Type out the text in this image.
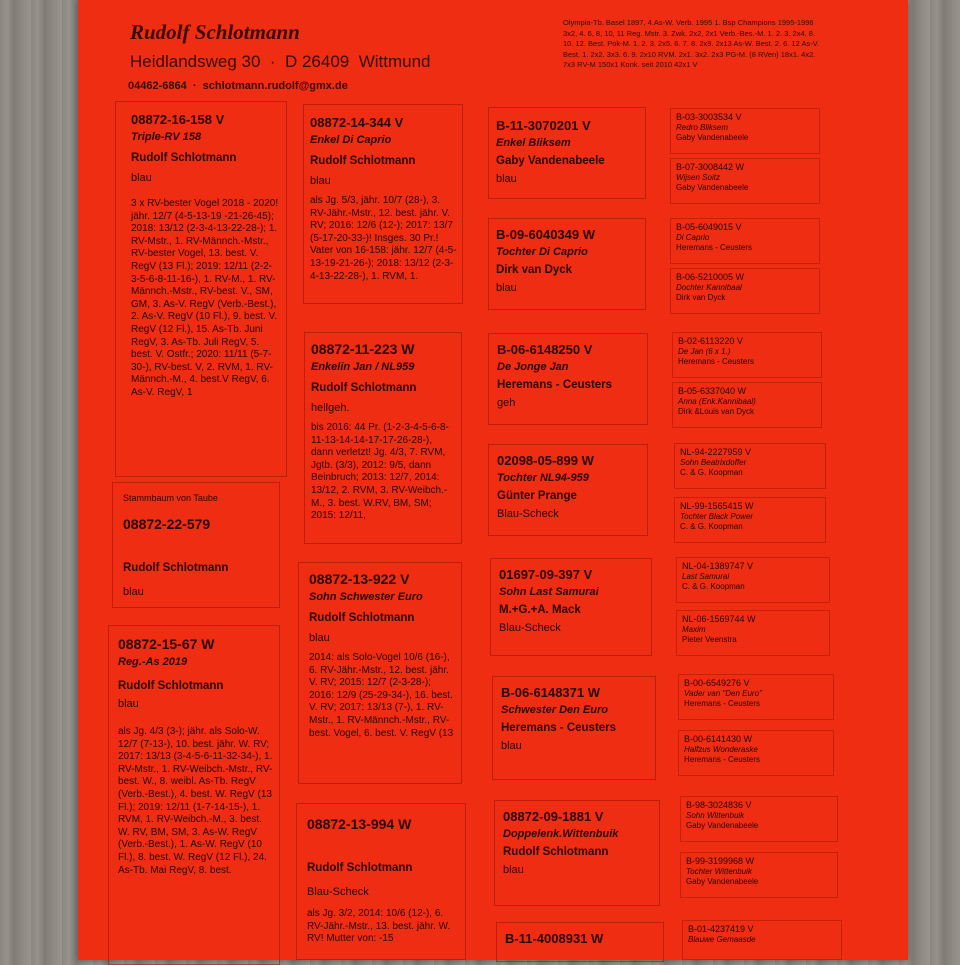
Rudolf Schlotmann
Heidlandsweg 30  ·  D 26409  Wittmund
04462-6864  ·  schlotmann.rudolf@gmx.de
Olympia-Tb. Basel 1897, 4.As-W. Verb. 1995 1. Bsp Champions 1995-1996 3x2, 4. 6, 8, 10, 11 Reg. Mstr. 3. Zwk. 2x2, 2x1 Verb.-Bes.-M. 1. 2. 3. 2x4. 8. 10. 12. Best. Pok-M. 1. 2. 3. 2x5. 6. 7. 8. 2x9. 2x13 As-W. Best. 2. 6. 12 As-V. Best. 1. 2x2. 3x3. 6. 9. 2x10 RVM. 2x1. 3x2. 2x3 PG-M. (8 RVen) 18x1. 4x2. 7x3 RV-M 150x1 Konk. seit 2010 42x1 V
08872-16-158 V
Triple-RV 158
Rudolf Schlotmann
blau
3 x RV-bester Vogel 2018 - 2020! jähr. 12/7 (4-5-13-19 -21-26-45); 2018: 13/12 (2-3-4-13-22-28-); 1. RV-Mstr., 1. RV-Männch.-Mstr., RV-bester Vogel, 13. best. V. RegV (13 Fl.); 2019: 12/11 (2-2-3-5-6-8-11-16-), 1. RV-M., 1. RV-Männch.-Mstr., RV-best. V., SM, GM, 3. As-V. RegV (Verb.-Best.), 2. As-V. RegV (10 Fl.), 9. best. V. RegV (12 Fl.), 15. As-Tb. Juni RegV, 3. As-Tb. Juli RegV, 5. best. V. Ostfr.; 2020: 11/11 (5-7-30-), RV-best. V, 2. RVM, 1. RV-Männch.-M., 4. best.V RegV, 6. As-V. RegV, 1
Stammbaum von Taube
08872-22-579
Rudolf Schlotmann
blau
08872-15-67 W
Reg.-As 2019
Rudolf Schlotmann
blau
als Jg. 4/3 (3-); jähr. als Solo-W. 12/7 (7-13-), 10. best. jähr. W. RV; 2017: 13/13 (3-4-5-6-11-32-34-), 1. RV-Mstr., 1. RV-Weibch.-Mstr., RV-best. W., 8. weibl. As-Tb. RegV (Verb.-Best.), 4. best. W. RegV (13 Fl.); 2019: 12/11 (1-7-14-15-), 1. RVM, 1. RV-Weibch.-M., 3. best. W. RV, BM, SM, 3. As-W. RegV (Verb.-Best.), 1. As-W. RegV (10 Fl.), 8. best. W. RegV (12 Fl.), 24. As-Tb. Mai RegV, 8. best.
08872-14-344 V
Enkel Di Caprio
Rudolf Schlotmann
blau
als Jg. 5/3, jähr. 10/7 (28-), 3. RV-Jähr.-Mstr., 12. best. jähr. V. RV; 2016: 12/6 (12-); 2017: 13/7 (5-17-20-33-)! Insges. 30 Pr.! Vater von 16-158: jähr. 12/7 (4-5-13-19-21-26-); 2018: 13/12 (2-3-4-13-22-28-), 1. RVM, 1.
08872-11-223 W
Enkelin Jan / NL959
Rudolf Schlotmann
hellgeh.
bis 2016: 44 Pr. (1-2-3-4-5-6-8-11-13-14-14-17-17-26-28-), dann verletzt! Jg. 4/3, 7. RVM, Jgtb. (3/3), 2012: 9/5, dann Beinbruch; 2013: 12/7, 2014: 13/12, 2. RVM, 3. RV-Weibch.-M., 3. best. W.RV, BM, SM; 2015: 12/11,
08872-13-922 V
Sohn Schwester Euro
Rudolf Schlotmann
blau
2014: als Solo-Vogel 10/6 (16-), 6. RV-Jähr.-Mstr., 12. best. jähr. V. RV; 2015: 12/7 (2-3-28-); 2016: 12/9 (25-29-34-), 16. best. V. RV; 2017: 13/13 (7-), 1. RV-Mstr., 1. RV-Männch.-Mstr., RV-best. Vogel, 6. best. V. RegV (13
08872-13-994 W
Rudolf Schlotmann
Blau-Scheck
als Jg. 3/2, 2014: 10/6 (12-), 6. RV-Jähr.-Mstr., 13. best. jähr. W. RV! Mutter von: -15
B-11-3070201 V
Enkel Bliksem
Gaby Vandenabeele
blau
B-09-6040349 W
Tochter Di Caprio
Dirk van Dyck
blau
B-06-6148250 V
De Jonge Jan
Heremans - Ceusters
geh
02098-05-899 W
Tochter NL94-959
Günter Prange
Blau-Scheck
01697-09-397 V
Sohn Last Samurai
M.+G.+A. Mack
Blau-Scheck
B-06-6148371 W
Schwester Den Euro
Heremans - Ceusters
blau
08872-09-1881 V
Doppelenk.Wittenbuik
Rudolf Schlotmann
blau
B-11-4008931 W
B-03-3003534 V
Redro Bliksem
Gaby Vandenabeele
B-07-3008442 W
Wijsen Soitz
Gaby Vandenabeele
B-05-6049015 V
Di Caprio
Heremans - Ceusters
B-06-5210005 W
Dochter Kannibaal
Dirk van Dyck
B-02-6113220 V
De Jan (6 x 1.)
Heremans - Ceusters
B-05-6337040 W
Anna (Enk.Kannibaal)
Dirk &Louis van Dyck
NL-94-2227959 V
Sohn Beatrixdoffer
C. & G. Koopman
NL-99-1565415 W
Tochter Black Power
C. & G. Koopman
NL-04-1389747 V
Last Samurai
C. & G. Koopman
NL-06-1569744 W
Maxim
Pieter Veenstra
B-00-6549276 V
Vader van "Den Euro"
Heremans - Ceusters
B-00-6141430 W
Halfzus Wonderaske
Heremans - Ceusters
B-98-3024836 V
Sohn Wittenbuik
Gaby Vandenabeele
B-99-3199968 W
Tochter Wittenbuik
Gaby Vandenabeele
B-01-4237419 V
Blauwe Gemaasde
